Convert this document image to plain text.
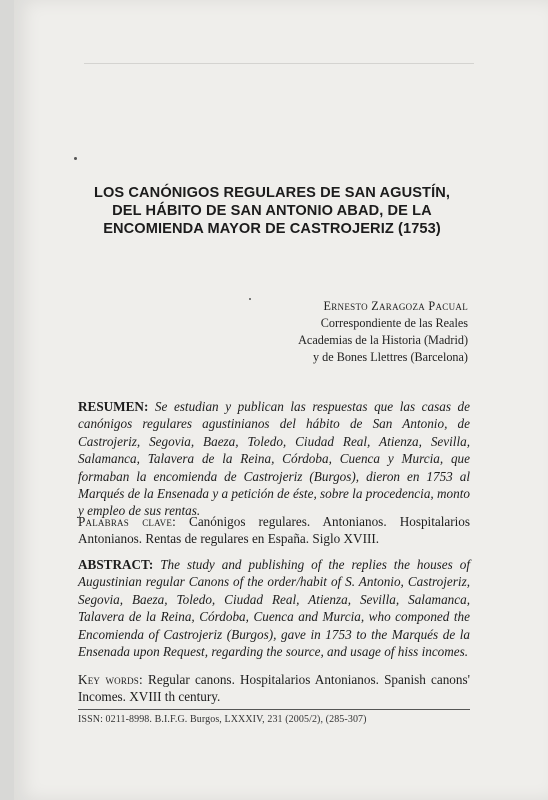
LOS CANÓNIGOS REGULARES DE SAN AGUSTÍN, DEL HÁBITO DE SAN ANTONIO ABAD, DE LA ENCOMIENDA MAYOR DE CASTROJERIZ (1753)
Ernesto Zaragoza Pacual
Correspondiente de las Reales
Academias de la Historia (Madrid)
y de Bones Llettres (Barcelona)
RESUMEN: Se estudian y publican las respuestas que las casas de canónigos regulares agustinianos del hábito de San Antonio, de Castrojeriz, Segovia, Baeza, Toledo, Ciudad Real, Atienza, Sevilla, Salamanca, Talavera de la Reina, Córdoba, Cuenca y Murcia, que formaban la encomienda de Castrojeriz (Burgos), dieron en 1753 al Marqués de la Ensenada y a petición de éste, sobre la procedencia, monto y empleo de sus rentas.
Palabras clave: Canónigos regulares. Antonianos. Hospitalarios Antonianos. Rentas de regulares en España. Siglo XVIII.
ABSTRACT: The study and publishing of the replies the houses of Augustinian regular Canons of the order/habit of S. Antonio, Castrojeriz, Segovia, Baeza, Toledo, Ciudad Real, Atienza, Sevilla, Salamanca, Talavera de la Reina, Córdoba, Cuenca and Murcia, who componed the Encomienda of Castrojeriz (Burgos), gave in 1753 to the Marqués de la Ensenada upon Request, regarding the source, and usage of hiss incomes.
Key words: Regular canons. Hospitalarios Antonianos. Spanish canons' Incomes. XVIII th century.
ISSN: 0211-8998. B.I.F.G. Burgos, LXXXIV, 231 (2005/2), (285-307)
